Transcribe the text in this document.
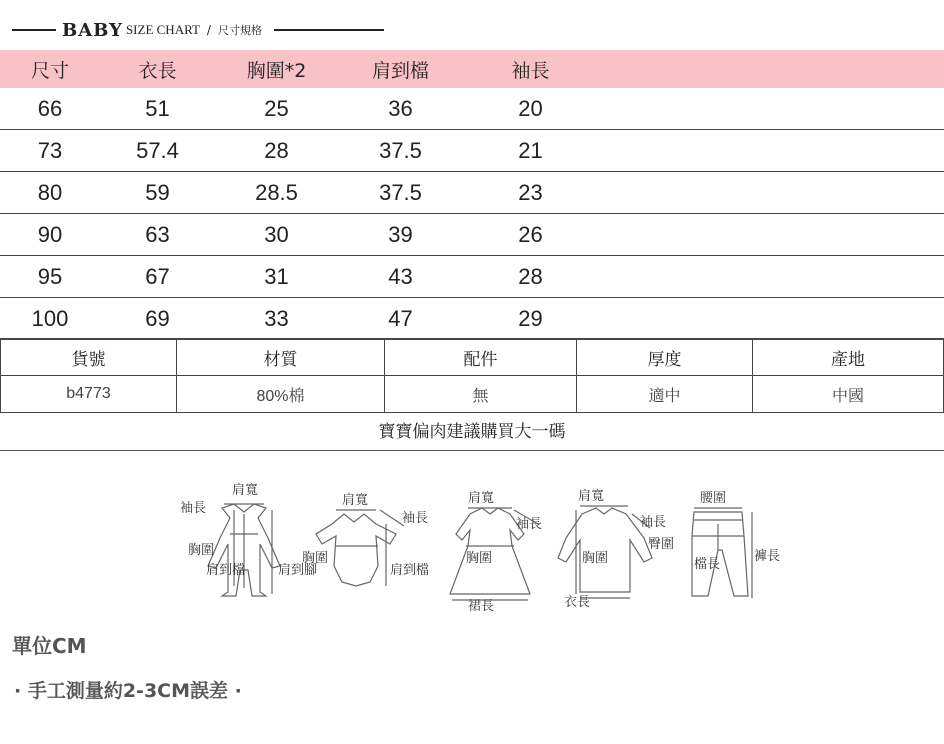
BABY SIZE CHART / 尺寸規格
尺寸	衣長	胸圍*2	肩到檔	袖長	
66	51	25	36	20	
73	57.4	28	37.5	21	
80	59	28.5	37.5	23	
90	63	30	39	26	
95	67	31	43	28	
100	69	33	47	29	
貨號	材質	配件	厚度	產地
b4773	80%棉	無	適中	中國
寶寶偏肉建議購買大一碼
肩寬
袖長
胸圍
肩到檔	肩到腳
肩寬
袖長
胸圍
肩到檔
肩寬
袖長
胸圍
裙長
肩寬
袖長
胸圍
衣長
腰圍
臀圍
檔長
褲長
單位CM
· 手工測量約2-3CM誤差 ·
